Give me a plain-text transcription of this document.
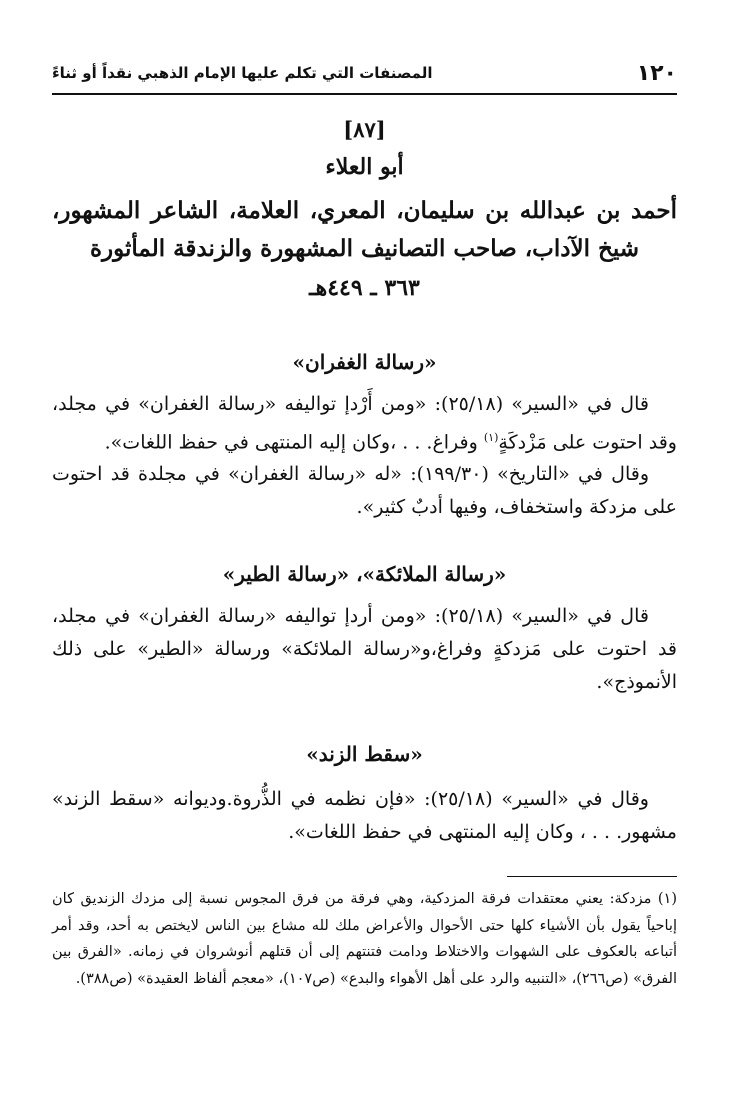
١٢٠
المصنفات التي تكلم عليها الإمام الذهبي نقداً أو ثناءً
[٨٧]
أبو العلاء
أحمد بن عبدالله بن سليمان، المعري، العلامة، الشاعر المشهور،
شيخ الآداب، صاحب التصانيف المشهورة والزندقة المأثورة
٣٦٣ ـ ٤٤٩هـ
«رسالة الغفران»

قال في «السير» (٢٥/١٨): «ومن أَرْدإ تواليفه «رسالة الغفران» في مجلد، وقد احتوت على مَزْدكَةٍ$^{(١)}$ وفراغ. . . ،وكان إليه المنتهى في حفظ اللغات».

وقال في «التاريخ» (١٩٩/٣٠): «له «رسالة الغفران» في مجلدة قد احتوت على مزدكة واستخفاف، وفيها أدبٌ كثير».

«رسالة الملائكة»، «رسالة الطير»

قال في «السير» (٢٥/١٨): «ومن أردإ تواليفه «رسالة الغفران» في مجلد، قد احتوت على مَزدكةٍ وفراغ،و«رسالة الملائكة» ورسالة «الطير» على ذلك الأنموذج».

«سقط الزند»

وقال في «السير» (٢٥/١٨): «فإن نظمه في الذُّروة.وديوانه «سقط الزند» مشهور. . . ، وكان إليه المنتهى في حفظ اللغات».

(١) مزدكة: يعني معتقدات فرقة المزدكية، وهي فرقة من فرق المجوس نسبة إلى مزدك الزنديق كان إباحياً يقول بأن الأشياء كلها حتى الأحوال والأعراض ملك لله مشاع بين الناس لايختص به أحد، وقد أمر أتباعه بالعكوف على الشهوات والاختلاط ودامت فتنتهم إلى أن قتلهم أنوشروان في زمانه. «الفرق بين الفرق» (ص٢٦٦)، «التنبيه والرد على أهل الأهواء والبدع» (ص١٠٧)، «معجم ألفاظ العقيدة» (ص٣٨٨).
